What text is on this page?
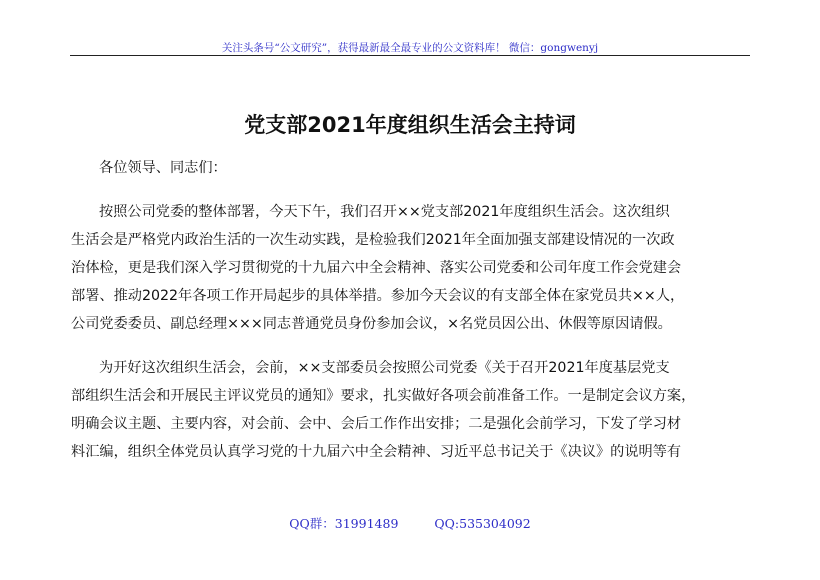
关注头条号“公文研究”，获得最新最全最专业的公文资料库！ 微信：gongwenyj
党支部2021年度组织生活会主持词

各位领导、同志们：

按照公司党委的整体部署，今天下午，我们召开××党支部2021年度组织生活会。这次组织
生活会是严格党内政治生活的一次生动实践，是检验我们2021年全面加强支部建设情况的一次政
治体检，更是我们深入学习贯彻党的十九届六中全会精神、落实公司党委和公司年度工作会党建会
部署、推动2022年各项工作开局起步的具体举措。参加今天会议的有支部全体在家党员共××人，
公司党委委员、副总经理×××同志普通党员身份参加会议，×名党员因公出、休假等原因请假。

为开好这次组织生活会，会前，××支部委员会按照公司党委《关于召开2021年度基层党支
部组织生活会和开展民主评议党员的通知》要求，扎实做好各项会前准备工作。一是制定会议方案，
明确会议主题、主要内容，对会前、会中、会后工作作出安排；二是强化会前学习，下发了学习材
料汇编，组织全体党员认真学习党的十九届六中全会精神、习近平总书记关于《决议》的说明等有

QQ群：31991489	QQ:535304092
